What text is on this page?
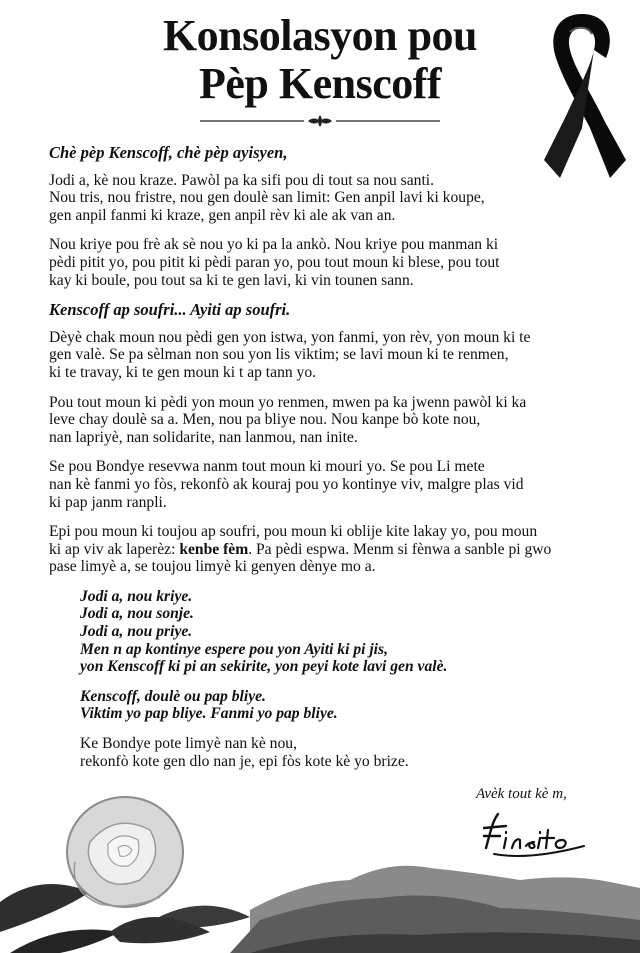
Konsolasyon pou
Pèp Kenscoff

Chè pèp Kenscoff, chè pèp ayisyen,

Jodi a, kè nou kraze. Pawòl pa ka sifi pou di tout sa nou santi.
Nou tris, nou fristre, nou gen doulè san limit: Gen anpil lavi ki koupe,
gen anpil fanmi ki kraze, gen anpil rèv ki ale ak van an.

Nou kriye pou frè ak sè nou yo ki pa la ankò. Nou kriye pou manman ki
pèdi pitit yo, pou pitit ki pèdi paran yo, pou tout moun ki blese, pou tout
kay ki boule, pou tout sa ki te gen lavi, ki vin tounen sann.

Kenscoff ap soufri... Ayiti ap soufri.

Dèyè chak moun nou pèdi gen yon istwa, yon fanmi, yon rèv, yon moun ki te
gen valè. Se pa sèlman non sou yon lis viktim; se lavi moun ki te renmen,
ki te travay, ki te gen moun ki t ap tann yo.

Pou tout moun ki pèdi yon moun yo renmen, mwen pa ka jwenn pawòl ki ka
leve chay doulè sa a. Men, nou pa bliye nou. Nou kanpe bò kote nou,
nan lapriyè, nan solidarite, nan lanmou, nan inite.

Se pou Bondye resevwa nanm tout moun ki mouri yo. Se pou Li mete
nan kè fanmi yo fòs, rekonfò ak kouraj pou yo kontinye viv, malgre plas vid
ki pap janm ranpli.

Epi pou moun ki toujou ap soufri, pou moun ki oblije kite lakay yo, pou moun
ki ap viv ak laperèz: kenbe fèm. Pa pèdi espwa. Menm si fènwa a sanble pi gwo
pase limyè a, se toujou limyè ki genyen dènye mo a.

Jodi a, nou kriye.
Jodi a, nou sonje.
Jodi a, nou priye.
Men n ap kontinye espere pou yon Ayiti ki pi jis,
yon Kenscoff ki pi an sekirite, yon peyi kote lavi gen valè.

Kenscoff, doulè ou pap bliye.
Viktim yo pap bliye. Fanmi yo pap bliye.

Ke Bondye pote limyè nan kè nou,
rekonfò kote gen dlo nan je, epi fòs kote kè yo brize.

Avèk tout kè m,
